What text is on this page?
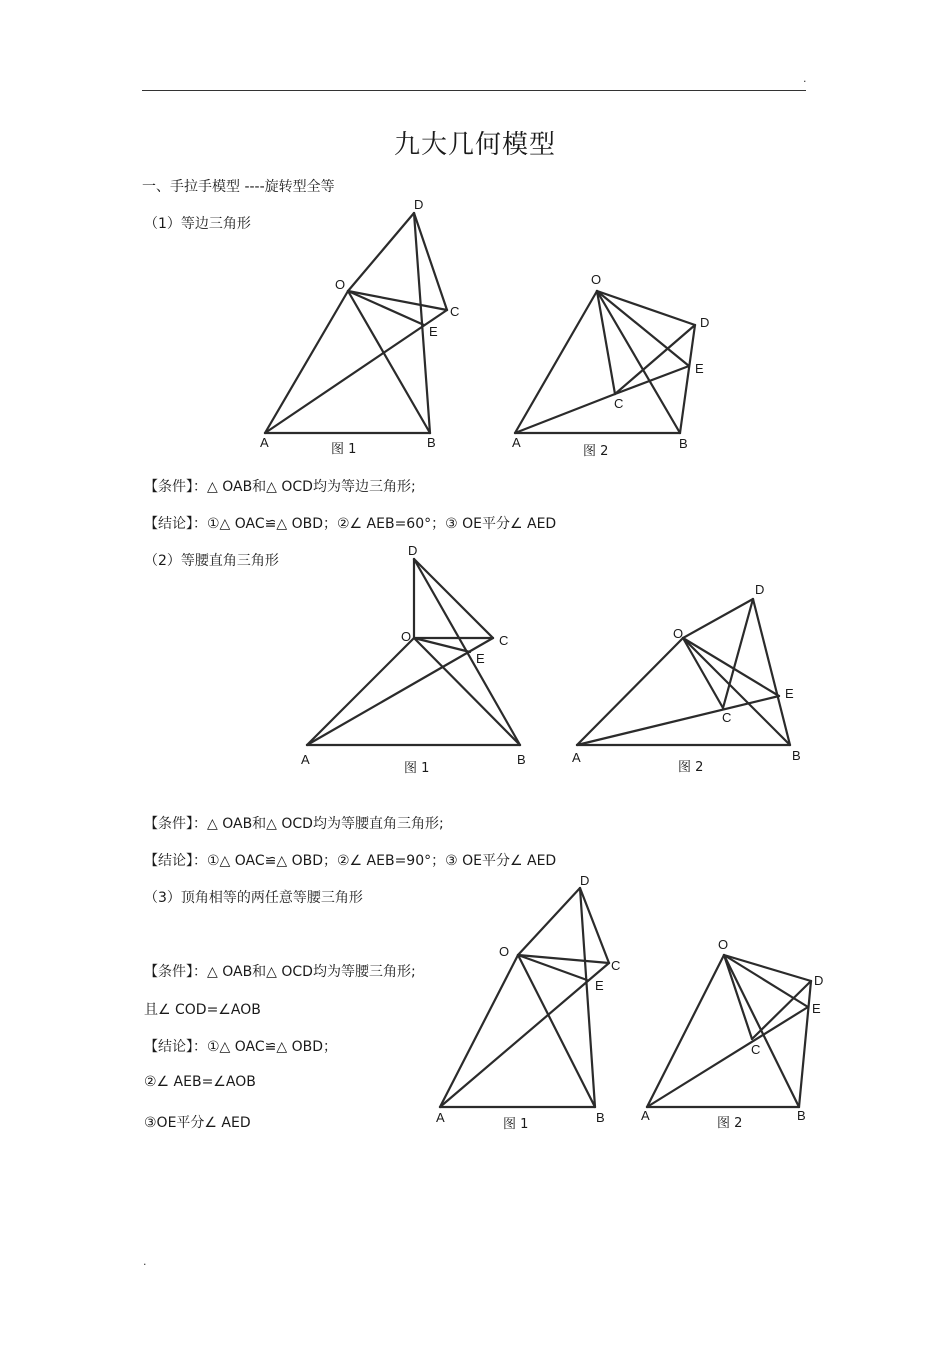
.
.
九大几何模型
一、手拉手模型 ----旋转型全等
（1）等边三角形
【条件】：△ OAB和△ OCD均为等边三角形;
【结论】：①△ OAC≌△ OBD；②∠ AEB=60°；③ OE平分∠ AED
（2）等腰直角三角形
【条件】：△ OAB和△ OCD均为等腰直角三角形;
【结论】：①△ OAC≌△ OBD；②∠ AEB=90°；③ OE平分∠ AED
（3）顶角相等的两任意等腰三角形
【条件】：△ OAB和△ OCD均为等腰三角形;
且∠ COD=∠AOB
【结论】：①△ OAC≌△ OBD；
②∠ AEB=∠AOB
③OE平分∠ AED
D
O
C
E
A	B
图 1
O
D
E
C
A	B
图 2
D
O	C
E
A	B
图 1
D
O
E
C
A	B
图 2
D
O
C
E
A	B
图 1
O
D
E
C
A	B
图 2
